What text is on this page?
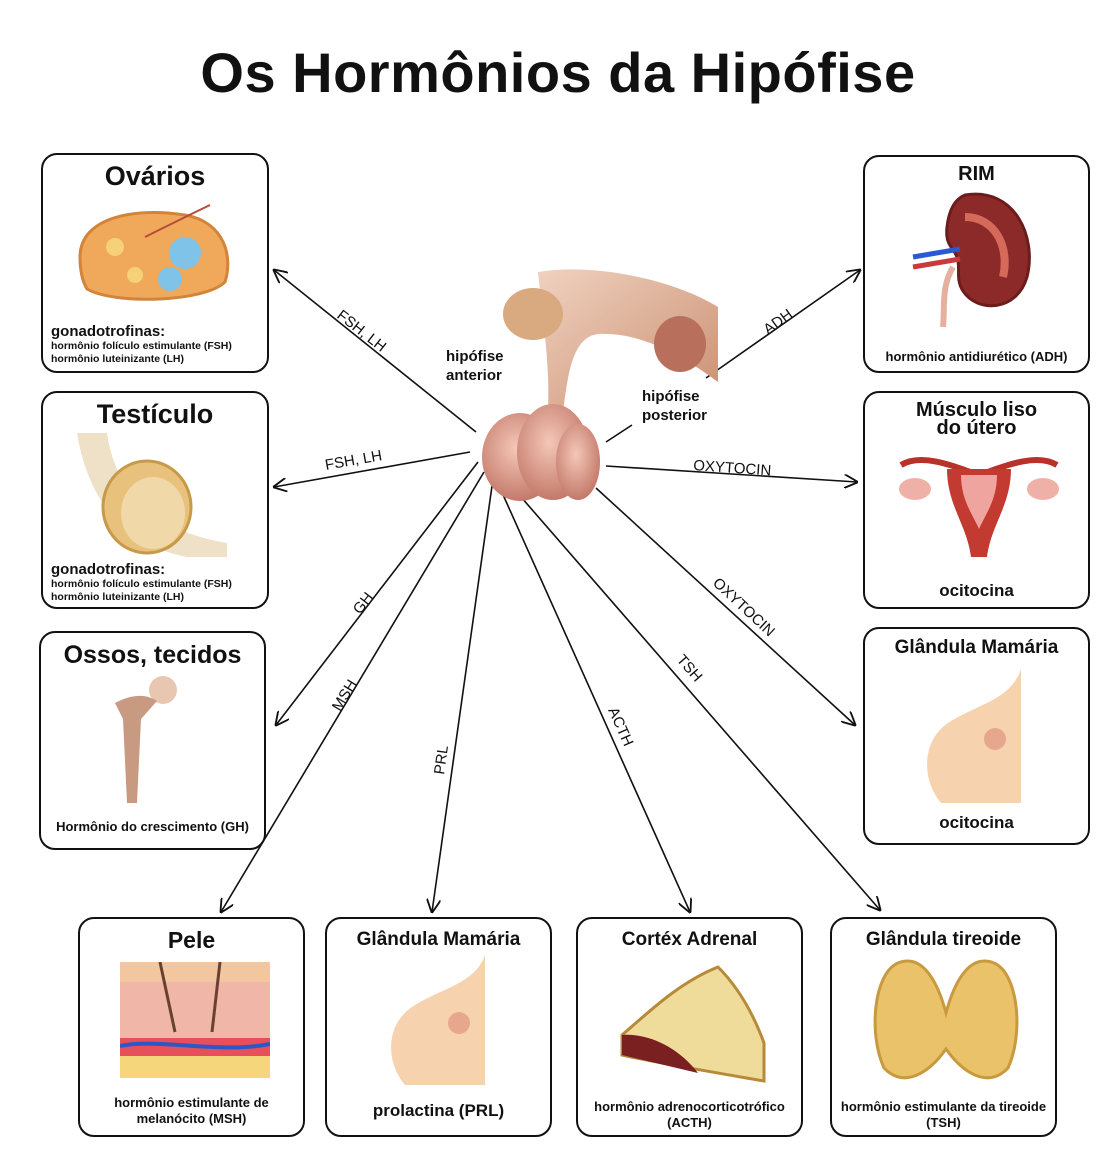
Os Hormônios da Hipófise
FSH, LH
FSH, LH
GH
MSH
PRL
ACTH
TSH
OXYTOCIN
OXYTOCIN
ADH
hipófise
anterior
hipófise
posterior
Ovários
gonadotrofinas:
hormônio folículo estimulante (FSH)
hormônio luteinizante (LH)
Testículo
gonadotrofinas:
hormônio folículo estimulante (FSH)
hormônio luteinizante (LH)
Ossos, tecidos
Hormônio do crescimento (GH)
RIM
hormônio antidiurético (ADH)
Músculo liso
do útero
ocitocina
Glândula Mamária
ocitocina
Pele
hormônio estimulante de melanócito (MSH)
Glândula Mamária
prolactina (PRL)
Cortéx Adrenal
hormônio adrenocorticotrófico (ACTH)
Glândula tireoide
hormônio estimulante da tireoide (TSH)
